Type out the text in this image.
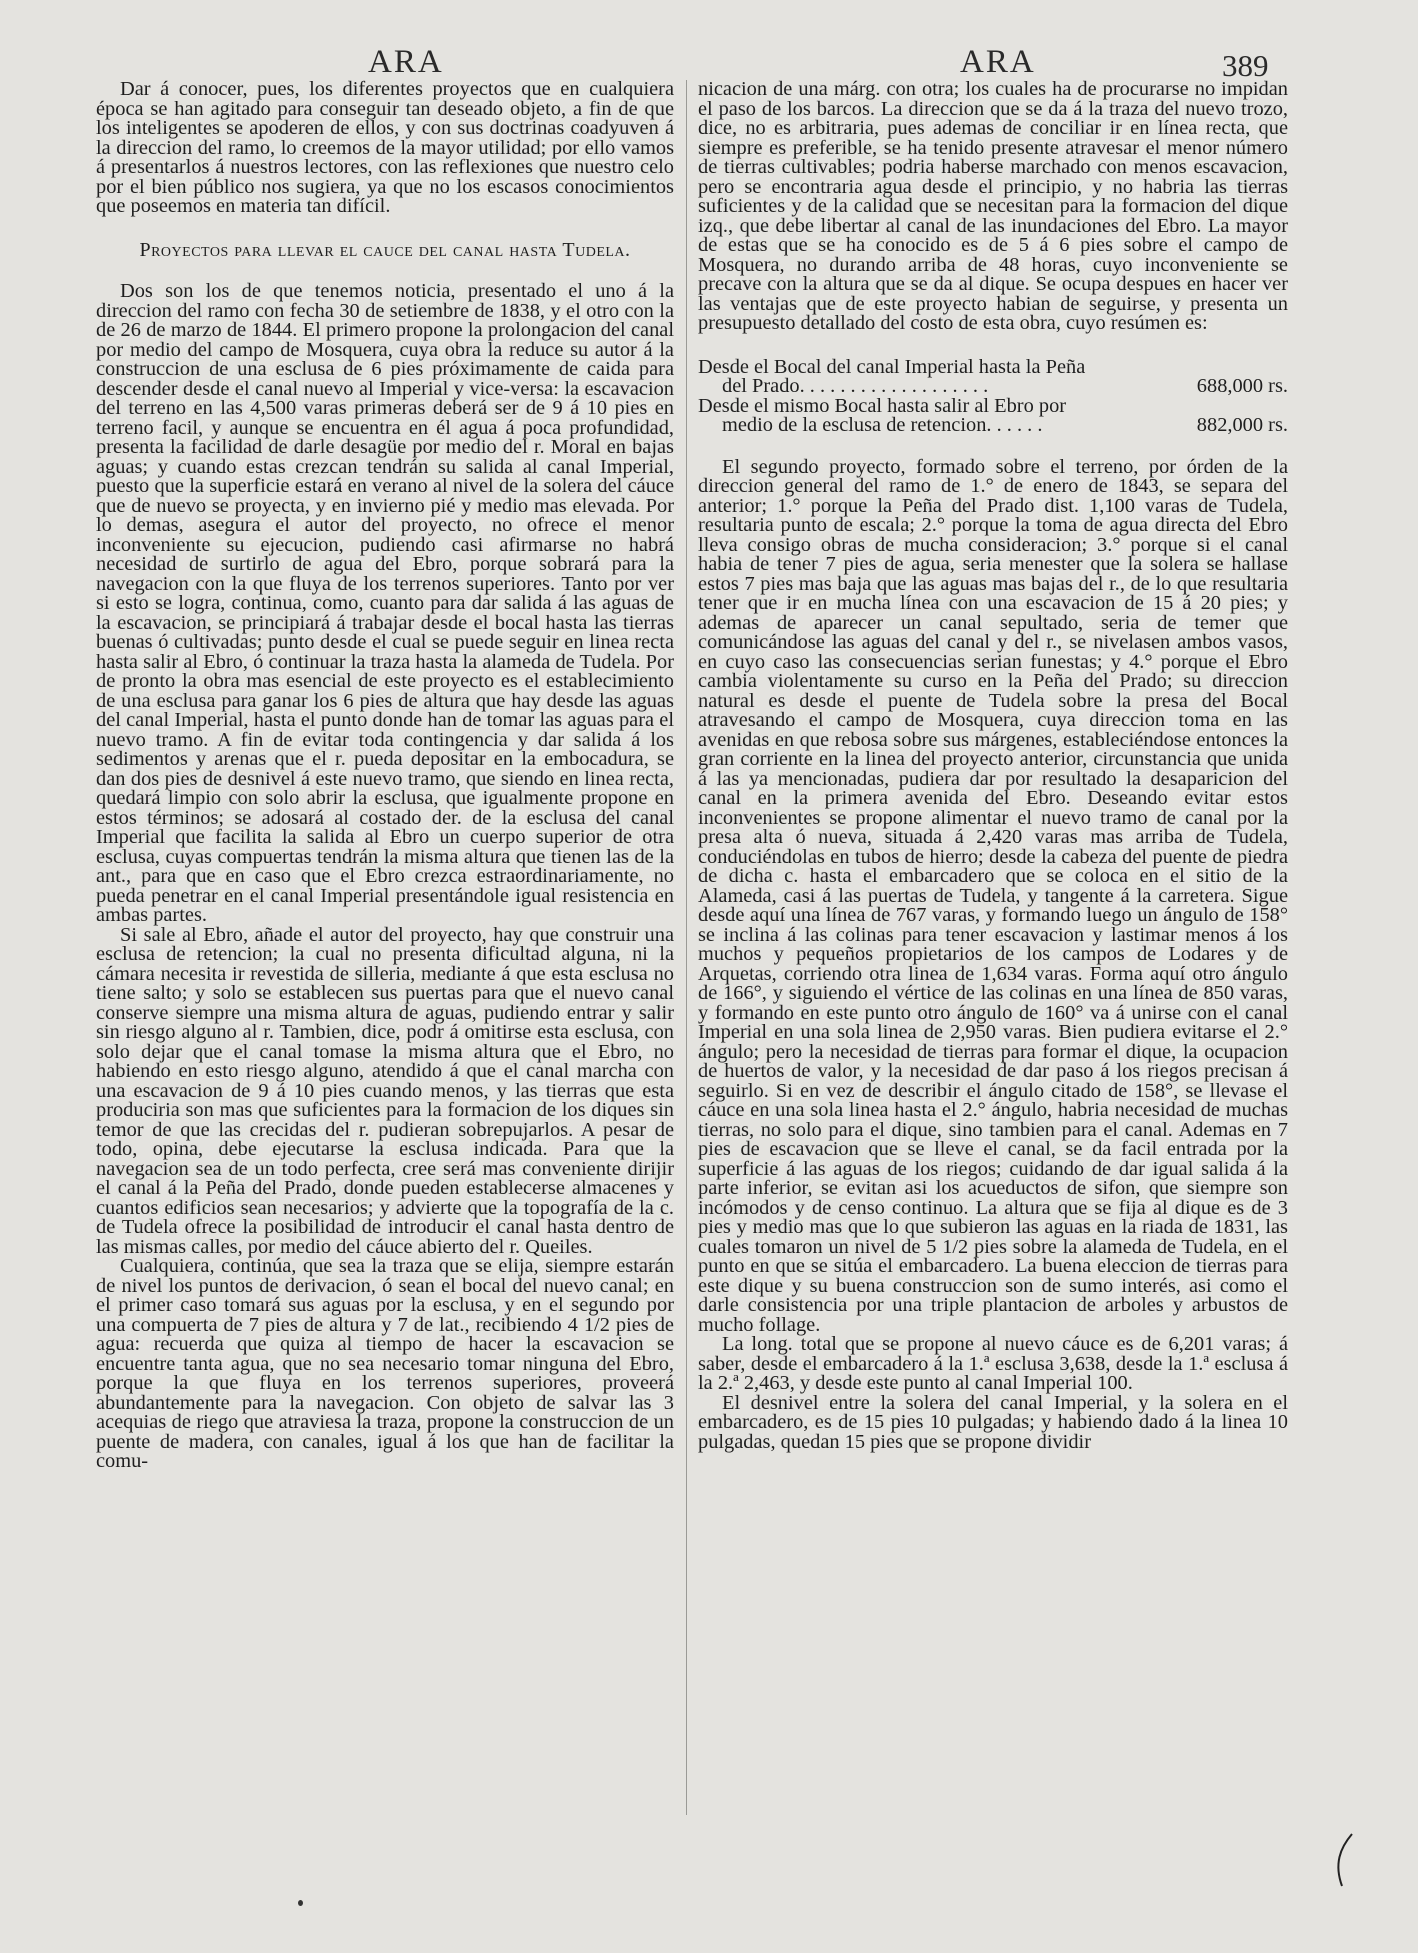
ARA	ARA	389

Dar á conocer, pues, los diferentes proyectos que en cualquiera época se han agitado para conseguir tan deseado objeto, a fin de que los inteligentes se apoderen de ellos, y con sus doctrinas coadyuven á la direccion del ramo, lo creemos de la mayor utilidad; por ello vamos á presentarlos á nuestros lectores, con las reflexiones que nuestro celo por el bien público nos sugiera, ya que no los escasos conocimientos que poseemos en materia tan difícil.

Proyectos para llevar el cauce del canal hasta Tudela.

Dos son los de que tenemos noticia, presentado el uno á la direccion del ramo con fecha 30 de setiembre de 1838, y el otro con la de 26 de marzo de 1844. El primero propone la prolongacion del canal por medio del campo de Mosquera, cuya obra la reduce su autor á la construccion de una esclusa de 6 pies próximamente de caida para descender desde el canal nuevo al Imperial y vice-versa: la escavacion del terreno en las 4,500 varas primeras deberá ser de 9 á 10 pies en terreno facil, y aunque se encuentra en él agua á poca profundidad, presenta la facilidad de darle desagüe por medio del r. Moral en bajas aguas; y cuando estas crezcan tendrán su salida al canal Imperial, puesto que la superficie estará en verano al nivel de la solera del cáuce que de nuevo se proyecta, y en invierno pié y medio mas elevada. Por lo demas, asegura el autor del proyecto, no ofrece el menor inconveniente su ejecucion, pudiendo casi afirmarse no habrá necesidad de surtirlo de agua del Ebro, porque sobrará para la navegacion con la que fluya de los terrenos superiores. Tanto por ver si esto se logra, continua, como, cuanto para dar salida á las aguas de la escavacion, se principiará á trabajar desde el bocal hasta las tierras buenas ó cultivadas; punto desde el cual se puede seguir en linea recta hasta salir al Ebro, ó continuar la traza hasta la alameda de Tudela. Por de pronto la obra mas esencial de este proyecto es el establecimiento de una esclusa para ganar los 6 pies de altura que hay desde las aguas del canal Imperial, hasta el punto donde han de tomar las aguas para el nuevo tramo. A fin de evitar toda contingencia y dar salida á los sedimentos y arenas que el r. pueda depositar en la embocadura, se dan dos pies de desnivel á este nuevo tramo, que siendo en linea recta, quedará limpio con solo abrir la esclusa, que igualmente propone en estos términos; se adosará al costado der. de la esclusa del canal Imperial que facilita la salida al Ebro un cuerpo superior de otra esclusa, cuyas compuertas tendrán la misma altura que tienen las de la ant., para que en caso que el Ebro crezca estraordinariamente, no pueda penetrar en el canal Imperial presentándole igual resistencia en ambas partes.

Si sale al Ebro, añade el autor del proyecto, hay que construir una esclusa de retencion; la cual no presenta dificultad alguna, ni la cámara necesita ir revestida de silleria, mediante á que esta esclusa no tiene salto; y solo se establecen sus puertas para que el nuevo canal conserve siempre una misma altura de aguas, pudiendo entrar y salir sin riesgo alguno al r. Tambien, dice, podr á omitirse esta esclusa, con solo dejar que el canal tomase la misma altura que el Ebro, no habiendo en esto riesgo alguno, atendido á que el canal marcha con una escavacion de 9 á 10 pies cuando menos, y las tierras que esta produciria son mas que suficientes para la formacion de los diques sin temor de que las crecidas del r. pudieran sobrepujarlos. A pesar de todo, opina, debe ejecutarse la esclusa indicada. Para que la navegacion sea de un todo perfecta, cree será mas conveniente dirijir el canal á la Peña del Prado, donde pueden establecerse almacenes y cuantos edificios sean necesarios; y advierte que la topografía de la c. de Tudela ofrece la posibilidad de introducir el canal hasta dentro de las mismas calles, por medio del cáuce abierto del r. Queiles.

Cualquiera, continúa, que sea la traza que se elija, siempre estarán de nivel los puntos de derivacion, ó sean el bocal del nuevo canal; en el primer caso tomará sus aguas por la esclusa, y en el segundo por una compuerta de 7 pies de altura y 7 de lat., recibiendo 4 1/2 pies de agua: recuerda que quiza al tiempo de hacer la escavacion se encuentre tanta agua, que no sea necesario tomar ninguna del Ebro, porque la que fluya en los terrenos superiores, proveerá abundantemente para la navegacion. Con objeto de salvar las 3 acequias de riego que atraviesa la traza, propone la construccion de un puente de madera, con canales, igual á los que han de facilitar la comu-

nicacion de una márg. con otra; los cuales ha de procurarse no impidan el paso de los barcos. La direccion que se da á la traza del nuevo trozo, dice, no es arbitraria, pues ademas de conciliar ir en línea recta, que siempre es preferible, se ha tenido presente atravesar el menor número de tierras cultivables; podria haberse marchado con menos escavacion, pero se encontraria agua desde el principio, y no habria las tierras suficientes y de la calidad que se necesitan para la formacion del dique izq., que debe libertar al canal de las inundaciones del Ebro. La mayor de estas que se ha conocido es de 5 á 6 pies sobre el campo de Mosquera, no durando arriba de 48 horas, cuyo inconveniente se precave con la altura que se da al dique. Se ocupa despues en hacer ver las ventajas que de este proyecto habian de seguirse, y presenta un presupuesto detallado del costo de esta obra, cuyo resúmen es:

Desde el Bocal del canal Imperial hasta la Peña
del Prado. . . . . . . . . . . . . . . . . . .	688,000 rs.
Desde el mismo Bocal hasta salir al Ebro por
medio de la esclusa de retencion. . . . . .	882,000 rs.

El segundo proyecto, formado sobre el terreno, por órden de la direccion general del ramo de 1.° de enero de 1843, se separa del anterior; 1.° porque la Peña del Prado dist. 1,100 varas de Tudela, resultaria punto de escala; 2.° porque la toma de agua directa del Ebro lleva consigo obras de mucha consideracion; 3.° porque si el canal habia de tener 7 pies de agua, seria menester que la solera se hallase estos 7 pies mas baja que las aguas mas bajas del r., de lo que resultaria tener que ir en mucha línea con una escavacion de 15 á 20 pies; y ademas de aparecer un canal sepultado, seria de temer que comunicándose las aguas del canal y del r., se nivelasen ambos vasos, en cuyo caso las consecuencias serian funestas; y 4.° porque el Ebro cambia violentamente su curso en la Peña del Prado; su direccion natural es desde el puente de Tudela sobre la presa del Bocal atravesando el campo de Mosquera, cuya direccion toma en las avenidas en que rebosa sobre sus márgenes, estableciéndose entonces la gran corriente en la linea del proyecto anterior, circunstancia que unida á las ya mencionadas, pudiera dar por resultado la desaparicion del canal en la primera avenida del Ebro. Deseando evitar estos inconvenientes se propone alimentar el nuevo tramo de canal por la presa alta ó nueva, situada á 2,420 varas mas arriba de Tudela, conduciéndolas en tubos de hierro; desde la cabeza del puente de piedra de dicha c. hasta el embarcadero que se coloca en el sitio de la Alameda, casi á las puertas de Tudela, y tangente á la carretera. Sigue desde aquí una línea de 767 varas, y formando luego un ángulo de 158° se inclina á las colinas para tener escavacion y lastimar menos á los muchos y pequeños propietarios de los campos de Lodares y de Arquetas, corriendo otra linea de 1,634 varas. Forma aquí otro ángulo de 166°, y siguiendo el vértice de las colinas en una línea de 850 varas, y formando en este punto otro ángulo de 160° va á unirse con el canal Imperial en una sola linea de 2,950 varas. Bien pudiera evitarse el 2.° ángulo; pero la necesidad de tierras para formar el dique, la ocupacion de huertos de valor, y la necesidad de dar paso á los riegos precisan á seguirlo. Si en vez de describir el ángulo citado de 158°, se llevase el cáuce en una sola linea hasta el 2.° ángulo, habria necesidad de muchas tierras, no solo para el dique, sino tambien para el canal. Ademas en 7 pies de escavacion que se lleve el canal, se da facil entrada por la superficie á las aguas de los riegos; cuidando de dar igual salida á la parte inferior, se evitan asi los acueductos de sifon, que siempre son incómodos y de censo continuo. La altura que se fija al dique es de 3 pies y medio mas que lo que subieron las aguas en la riada de 1831, las cuales tomaron un nivel de 5 1/2 pies sobre la alameda de Tudela, en el punto en que se sitúa el embarcadero. La buena eleccion de tierras para este dique y su buena construccion son de sumo interés, asi como el darle consistencia por una triple plantacion de arboles y arbustos de mucho follage.

La long. total que se propone al nuevo cáuce es de 6,201 varas; á saber, desde el embarcadero á la 1.ª esclusa 3,638, desde la 1.ª esclusa á la 2.ª 2,463, y desde este punto al canal Imperial 100.

El desnivel entre la solera del canal Imperial, y la solera en el embarcadero, es de 15 pies 10 pulgadas; y habiendo dado á la linea 10 pulgadas, quedan 15 pies que se propone dividir
